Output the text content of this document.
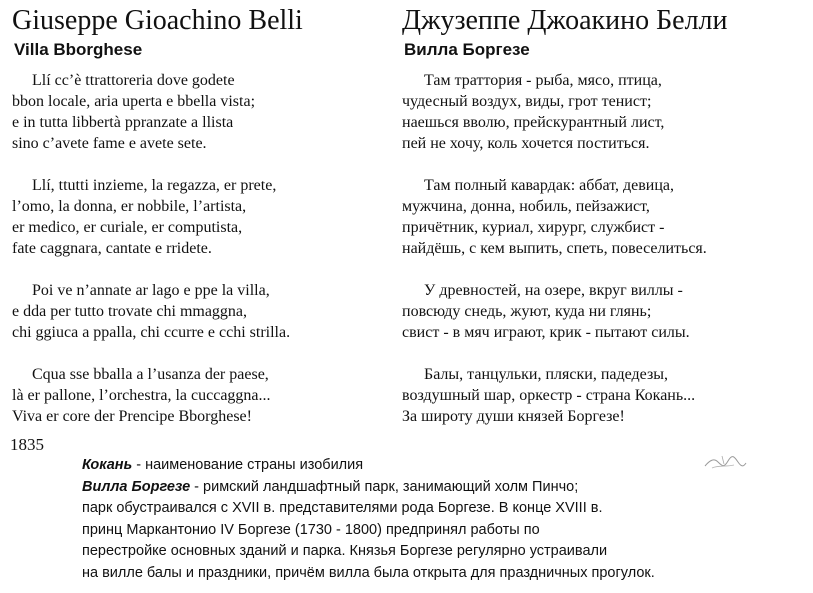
Giuseppe Gioachino Belli
Villa Bborghese
Llí cc’è ttrattoreria dove godete
bbon locale, aria uperta e bbella vista;
e in tutta libbertà ppranzate a llista
sino c’avete fame e avete sete.
Llí, ttutti inzieme, la regazza, er prete,
l’omo, la donna, er nobbile, l’artista,
er medico, er curiale, er computista,
fate caggnara, cantate e rridete.
Poi ve n’annate ar lago e ppe la villa,
e dda per tutto trovate chi mmaggna,
chi ggiuca a ppalla, chi ccurre e cchi strilla.
Cqua sse bballa a l’usanza der paese,
là er pallone, l’orchestra, la cuccaggna...
Viva er core der Prencipe Bborghese!
Джузеппе Джоакино Белли
Вилла Боргезе
Там траттория - рыба, мясо, птица,
чудесный воздух, виды, грот тенист;
наешься вволю, прейскурантный лист,
пей не хочу, коль хочется поститься.
Там полный кавардак: аббат, девица,
мужчина, донна, нобиль, пейзажист,
причётник, куриал, хирург, службист -
найдёшь, с кем выпить, спеть, повеселиться.
У древностей, на озере, вкруг виллы -
повсюду снедь, жуют, куда ни глянь;
свист - в мяч играют, крик - пытают силы.
Балы, танцульки, пляски, падедезы,
воздушный шар, оркестр - страна Кокань...
За широту души князей Боргезе!
1835
Кокань - наименование страны изобилия
Вилла Боргезе - римский ландшафтный парк, занимающий холм Пинчо;
парк обустраивался с XVII в. представителями рода Боргезе. В конце XVIII в.
принц Маркантонио IV Боргезе (1730 - 1800) предпринял работы по
перестройке основных зданий и парка. Князья Боргезе регулярно устраивали
на вилле балы и праздники, причём вилла была открыта для праздничных прогулок.
